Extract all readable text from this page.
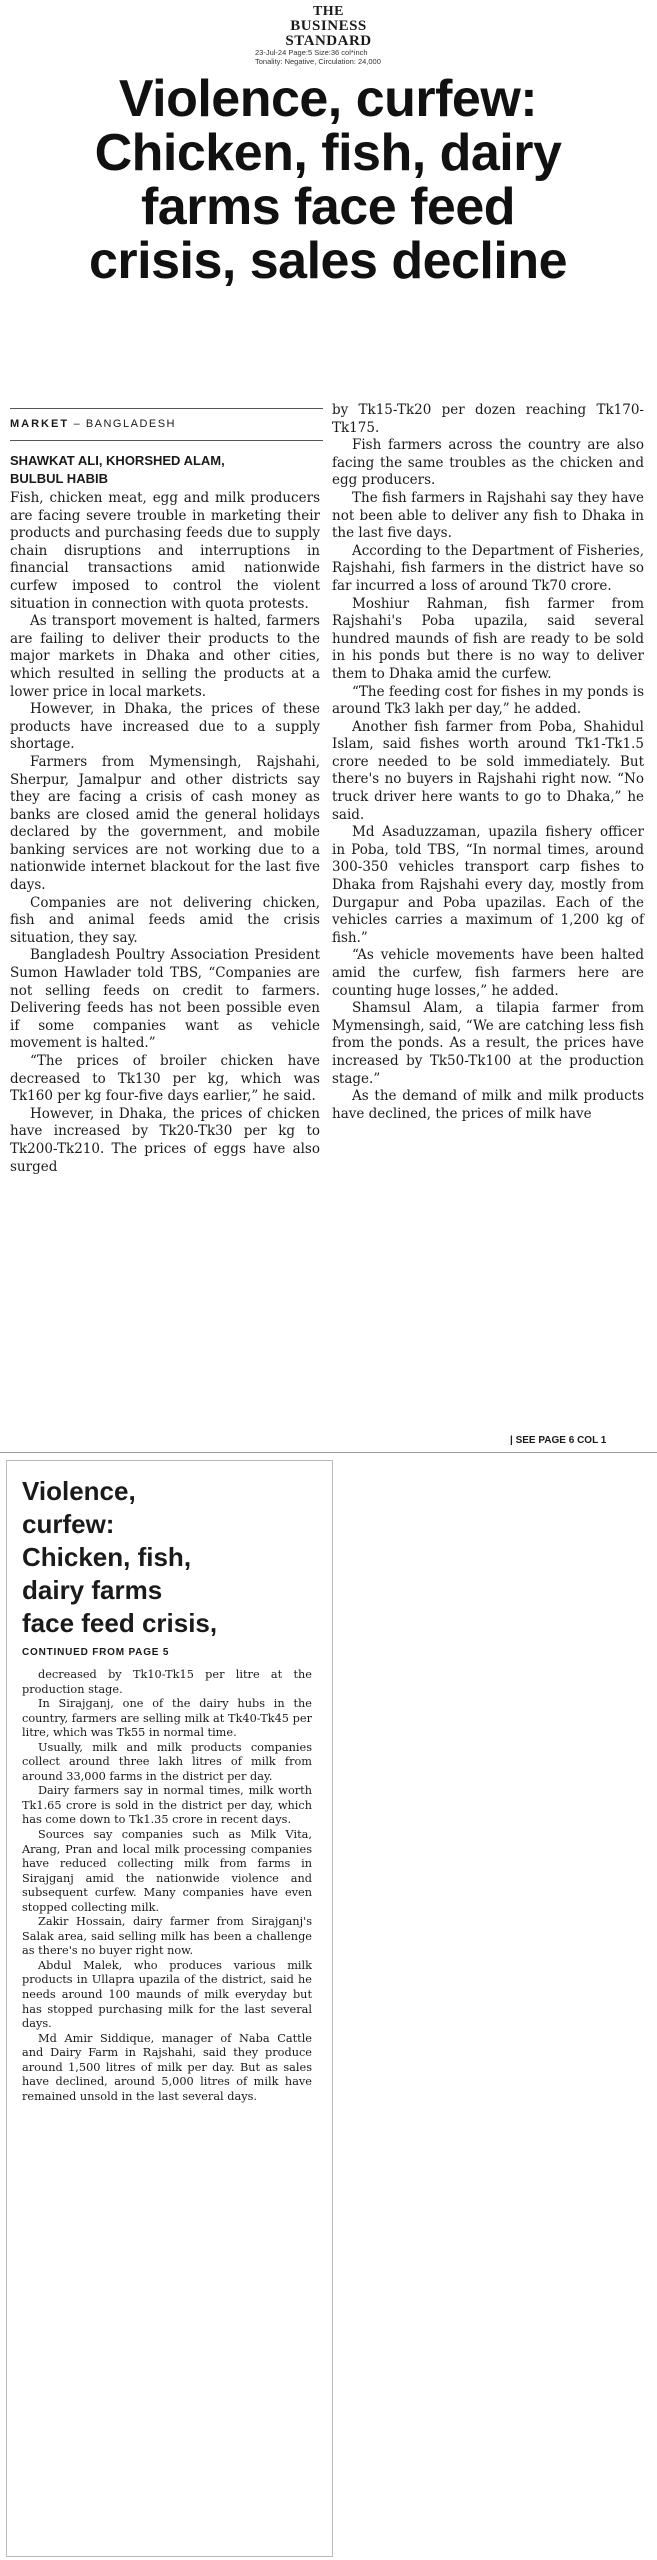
THE
BUSINESS
STANDARD
23-Jul-24 Page:5 Size:36 col*inch
Tonality: Negative, Circulation: 24,000
Violence, curfew:
Chicken, fish, dairy
farms face feed
crisis, sales decline
MARKET – BANGLADESH
SHAWKAT ALI, KHORSHED ALAM,
BULBUL HABIB

Fish, chicken meat, egg and milk producers are facing severe trouble in marketing their products and purchasing feeds due to supply chain disruptions and interruptions in financial transactions amid nationwide curfew imposed to control the violent situation in connection with quota protests.

As transport movement is halted, farmers are failing to deliver their products to the major markets in Dhaka and other cities, which resulted in selling the products at a lower price in local markets.

However, in Dhaka, the prices of these products have increased due to a supply shortage.

Farmers from Mymensingh, Rajshahi, Sherpur, Jamalpur and other districts say they are facing a crisis of cash money as banks are closed amid the general holidays declared by the government, and mobile banking services are not working due to a nationwide internet blackout for the last five days.

Companies are not delivering chicken, fish and animal feeds amid the crisis situation, they say.

Bangladesh Poultry Association President Sumon Hawlader told TBS, “Companies are not selling feeds on credit to farmers. Delivering feeds has not been possible even if some companies want as vehicle movement is halted.”

“The prices of broiler chicken have decreased to Tk130 per kg, which was Tk160 per kg four-five days earlier,” he said.

However, in Dhaka, the prices of chicken have increased by Tk20-Tk30 per kg to Tk200-Tk210. The prices of eggs have also surged

by Tk15-Tk20 per dozen reaching Tk170-Tk175.

Fish farmers across the country are also facing the same troubles as the chicken and egg producers.

The fish farmers in Rajshahi say they have not been able to deliver any fish to Dhaka in the last five days.

According to the Department of Fisheries, Rajshahi, fish farmers in the district have so far incurred a loss of around Tk70 crore.

Moshiur Rahman, fish farmer from Rajshahi's Poba upazila, said several hundred maunds of fish are ready to be sold in his ponds but there is no way to deliver them to Dhaka amid the curfew.

“The feeding cost for fishes in my ponds is around Tk3 lakh per day,” he added.

Another fish farmer from Poba, Shahidul Islam, said fishes worth around Tk1-Tk1.5 crore needed to be sold immediately. But there's no buyers in Rajshahi right now. “No truck driver here wants to go to Dhaka,” he said.

Md Asaduzzaman, upazila fishery officer in Poba, told TBS, “In normal times, around 300-350 vehicles transport carp fishes to Dhaka from Rajshahi every day, mostly from Durgapur and Poba upazilas. Each of the vehicles carries a maximum of 1,200 kg of fish.”

“As vehicle movements have been halted amid the curfew, fish farmers here are counting huge losses,” he added.

Shamsul Alam, a tilapia farmer from Mymensingh, said, “We are catching less fish from the ponds. As a result, the prices have increased by Tk50-Tk100 at the production stage.”

As the demand of milk and milk products have declined, the prices of milk have

| SEE PAGE 6 COL 1
Violence,
curfew:
Chicken, fish,
dairy farms
face feed crisis,
CONTINUED FROM PAGE 5

decreased by Tk10-Tk15 per litre at the production stage.

In Sirajganj, one of the dairy hubs in the country, farmers are selling milk at Tk40-Tk45 per litre, which was Tk55 in normal time.

Usually, milk and milk products companies collect around three lakh litres of milk from around 33,000 farms in the district per day.

Dairy farmers say in normal times, milk worth Tk1.65 crore is sold in the district per day, which has come down to Tk1.35 crore in recent days.

Sources say companies such as Milk Vita, Arang, Pran and local milk processing companies have reduced collecting milk from farms in Sirajganj amid the nationwide violence and subsequent curfew. Many companies have even stopped collecting milk.

Zakir Hossain, dairy farmer from Sirajganj's Salak area, said selling milk has been a challenge as there's no buyer right now.

Abdul Malek, who produces various milk products in Ullapra upazila of the district, said he needs around 100 maunds of milk everyday but has stopped purchasing milk for the last several days.

Md Amir Siddique, manager of Naba Cattle and Dairy Farm in Rajshahi, said they produce around 1,500 litres of milk per day. But as sales have declined, around 5,000 litres of milk have remained unsold in the last several days.
